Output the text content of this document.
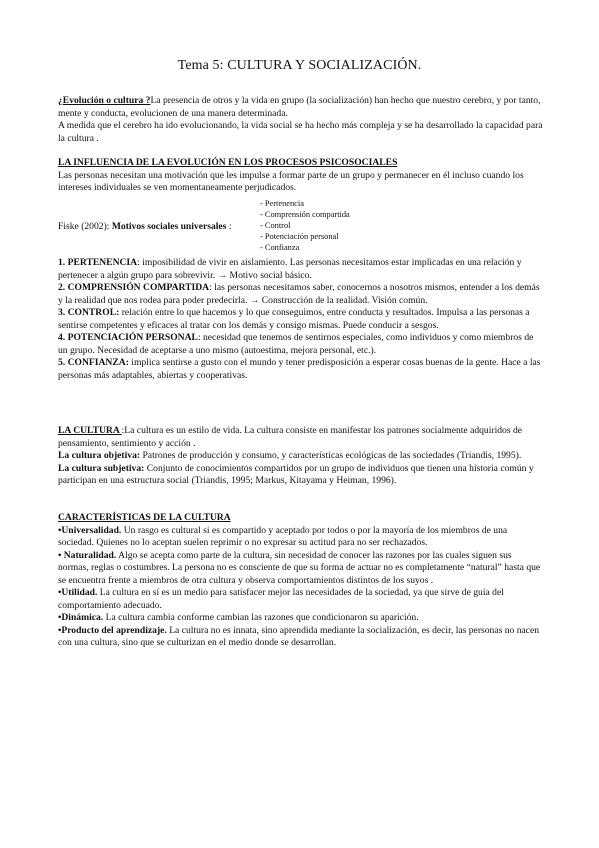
Tema 5: CULTURA Y SOCIALIZACIÓN.

¿Evolución o cultura ?La presencia de otros y la vida en grupo (la socialización) han hecho que nuestro cerebro, y por tanto, mente y conducta, evolucionen de una manera determinada.

A medida que el cerebro ha ido evolucionando, la vida social se ha hecho más compleja y se ha desarrollado la capacidad para la cultura .

LA INFLUENCIA DE LA EVOLUCIÓN EN LOS PROCESOS PSICOSOCIALES

Las personas necesitan una motivación que les impulse a formar parte de un grupo y permanecer en él incluso cuando los intereses individuales se ven momentaneamente perjudicados.

Fiske (2002): Motivos sociales universales :
- Pertenencia
- Comprensión compartida
- Control
- Potenciación personal
- Confianza

1. PERTENENCIA: imposibilidad de vivir en aislamiento. Las personas necesitamos estar implicadas en una relación y pertenecer a algún grupo para sobrevivir. → Motivo social básico.

2. COMPRENSIÓN COMPARTIDA: las personas necesitamos saber, conocernos a nosotros mismos, entender a los demás y la realidad que nos rodea para poder predecirla. → Construcción de la realidad. Visión común.

3. CONTROL: relación entre lo que hacemos y lo que conseguimos, entre conducta y resultados. Impulsa a las personas a sentirse competentes y eficaces al tratar con los demás y consigo mismas. Puede conducir a sesgos.

4. POTENCIACIÓN PERSONAL: necesidad que tenemos de sentirnos especiales, como individuos y como miembros de un grupo. Necesidad de aceptarse a uno mismo (autoestima, mejora personal, etc.).

5. CONFIANZA: implica sentirse a gusto con el mundo y tener predisposición a esperar cosas buenas de la gente. Hace a las personas más adaptables, abiertas y cooperativas.

LA CULTURA :La cultura es un estilo de vida. La cultura consiste en manifestar los patrones socialmente adquiridos de pensamiento, sentimiento y acción .

La cultura objetiva: Patrones de producción y consumo, y características ecológicas de las sociedades (Triandis, 1995).

La cultura subjetiva: Conjunto de conocimientos compartidos por un grupo de individuos que tienen una historia común y participan en una estructura social (Triandis, 1995; Markus, Kitayama y Heiman, 1996).

CARACTERÍSTICAS DE LA CULTURA

•Universalidad. Un rasgo es cultural si es compartido y aceptado por todos o por la mayoría de los miembros de una sociedad. Quienes no lo aceptan suelen reprimir o no expresar su actitud para no ser rechazados.

• Naturalidad. Algo se acepta como parte de la cultura, sin necesidad de conocer las razones por las cuales siguen sus normas, reglas o costumbres. La persona no es consciente de que su forma de actuar no es completamente “natural” hasta que se encuentra frente a miembros de otra cultura y observa comportamientos distintos de los suyos .

•Utilidad. La cultura en sí es un medio para satisfacer mejor las necesidades de la sociedad, ya que sirve de guía del comportamiento adecuado.

•Dinámica. La cultura cambia conforme cambian las razones que condicionaron su aparición.

•Producto del aprendizaje. La cultura no es innata, sino aprendida mediante la socialización, es decir, las personas no nacen con una cultura, sino que se culturizan en el medio donde se desarrollan.
